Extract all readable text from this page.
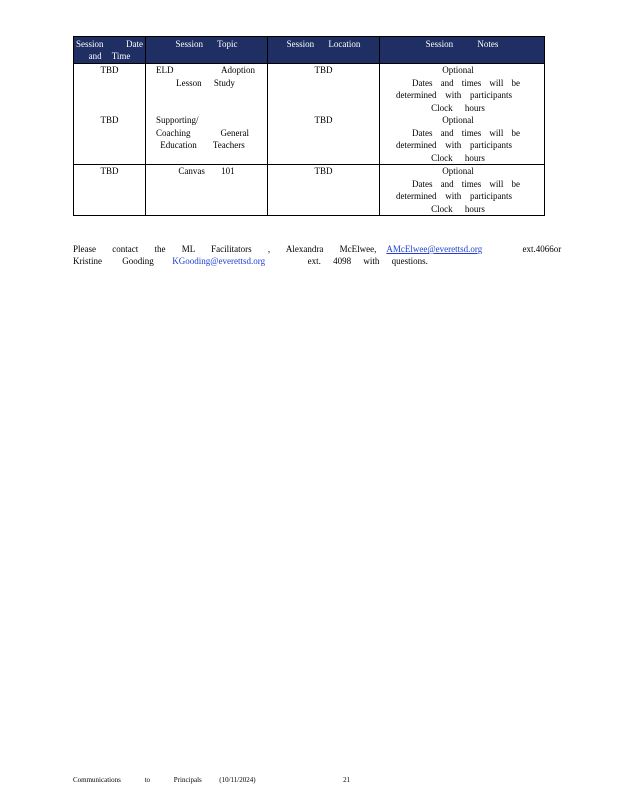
Session Date and Time	Session Topic	Session Location	Session Notes
TBD	ELD Adoption Lesson Study	TBD	Optional
Dates and times will be
determined with participants
Clock hours

TBD	Supporting/ Coaching General Education Teachers	TBD	Optional
Dates and times will be
determined with participants
Clock hours

TBD	Canvas 101	TBD	Optional
Dates and times will be
determined with participants
Clock hours
Please contact the ML Facilitators , Alexandra McElwee, AMcElwee@everettsd.org	ext.4066or
Kristine Gooding KGooding@everettsd.org	ext. 4098 with questions.
Communications to Principals	(10/11/2024)	21
